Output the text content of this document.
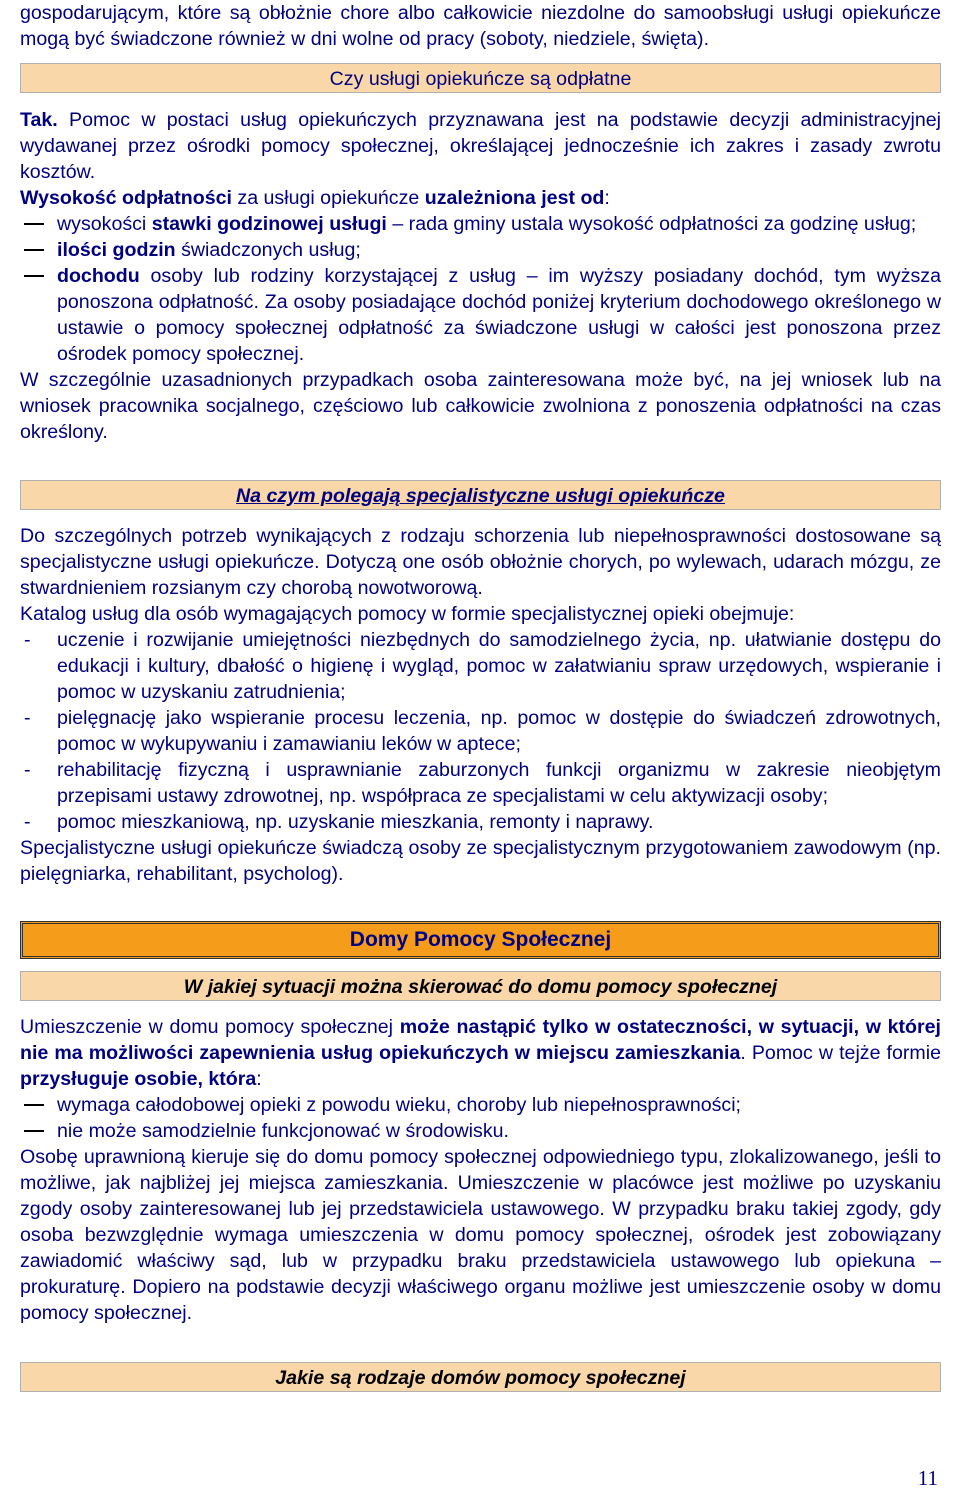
gospodarującym, które są obłożnie chore albo całkowicie niezdolne do samoobsługi usługi opiekuńcze mogą być świadczone również w dni wolne od pracy (soboty, niedziele, święta).

Czy usługi opiekuńcze są odpłatne

Tak. Pomoc w postaci usług opiekuńczych przyznawana jest na podstawie decyzji administracyjnej wydawanej przez ośrodki pomocy społecznej, określającej jednocześnie ich zakres i zasady zwrotu kosztów.

Wysokość odpłatności za usługi opiekuńcze uzależniona jest od:

wysokości stawki godzinowej usługi – rada gminy ustala wysokość odpłatności za godzinę usług;
ilości godzin świadczonych usług;
dochodu osoby lub rodziny korzystającej z usług – im wyższy posiadany dochód, tym wyższa ponoszona odpłatność. Za osoby posiadające dochód poniżej kryterium dochodowego określonego w ustawie o pomocy społecznej odpłatność za świadczone usługi w całości jest ponoszona przez ośrodek pomocy społecznej.

W szczególnie uzasadnionych przypadkach osoba zainteresowana może być, na jej wniosek lub na wniosek pracownika socjalnego, częściowo lub całkowicie zwolniona z ponoszenia odpłatności na czas określony.

Na czym polegają specjalistyczne usługi opiekuńcze

Do szczególnych potrzeb wynikających z rodzaju schorzenia lub niepełnosprawności dostosowane są specjalistyczne usługi opiekuńcze. Dotyczą one osób obłożnie chorych, po wylewach, udarach mózgu, ze stwardnieniem rozsianym czy chorobą nowotworową.

Katalog usług dla osób wymagających pomocy w formie specjalistycznej opieki obejmuje:

- uczenie i rozwijanie umiejętności niezbędnych do samodzielnego życia, np. ułatwianie dostępu do edukacji i kultury, dbałość o higienę i wygląd, pomoc w załatwianiu spraw urzędowych, wspieranie i pomoc w uzyskaniu zatrudnienia;
- pielęgnację jako wspieranie procesu leczenia, np. pomoc w dostępie do świadczeń zdrowotnych, pomoc w wykupywaniu i zamawianiu leków w aptece;
- rehabilitację fizyczną i usprawnianie zaburzonych funkcji organizmu w zakresie nieobjętym przepisami ustawy zdrowotnej, np. współpraca ze specjalistami w celu aktywizacji osoby;
- pomoc mieszkaniową, np. uzyskanie mieszkania, remonty i naprawy.

Specjalistyczne usługi opiekuńcze świadczą osoby ze specjalistycznym przygotowaniem zawodowym (np. pielęgniarka, rehabilitant, psycholog).

Domy Pomocy Społecznej
W jakiej sytuacji można skierować do domu pomocy społecznej

Umieszczenie w domu pomocy społecznej może nastąpić tylko w ostateczności, w sytuacji, w której nie ma możliwości zapewnienia usług opiekuńczych w miejscu zamieszkania. Pomoc w tejże formie przysługuje osobie, która:

wymaga całodobowej opieki z powodu wieku, choroby lub niepełnosprawności;
nie może samodzielnie funkcjonować w środowisku.

Osobę uprawnioną kieruje się do domu pomocy społecznej odpowiedniego typu, zlokalizowanego, jeśli to możliwe, jak najbliżej jej miejsca zamieszkania. Umieszczenie w placówce jest możliwe po uzyskaniu zgody osoby zainteresowanej lub jej przedstawiciela ustawowego. W przypadku braku takiej zgody, gdy osoba bezwzględnie wymaga umieszczenia w domu pomocy społecznej, ośrodek jest zobowiązany zawiadomić właściwy sąd, lub w przypadku braku przedstawiciela ustawowego lub opiekuna – prokuraturę. Dopiero na podstawie decyzji właściwego organu możliwe jest umieszczenie osoby w domu pomocy społecznej.

Jakie są rodzaje domów pomocy społecznej
11
